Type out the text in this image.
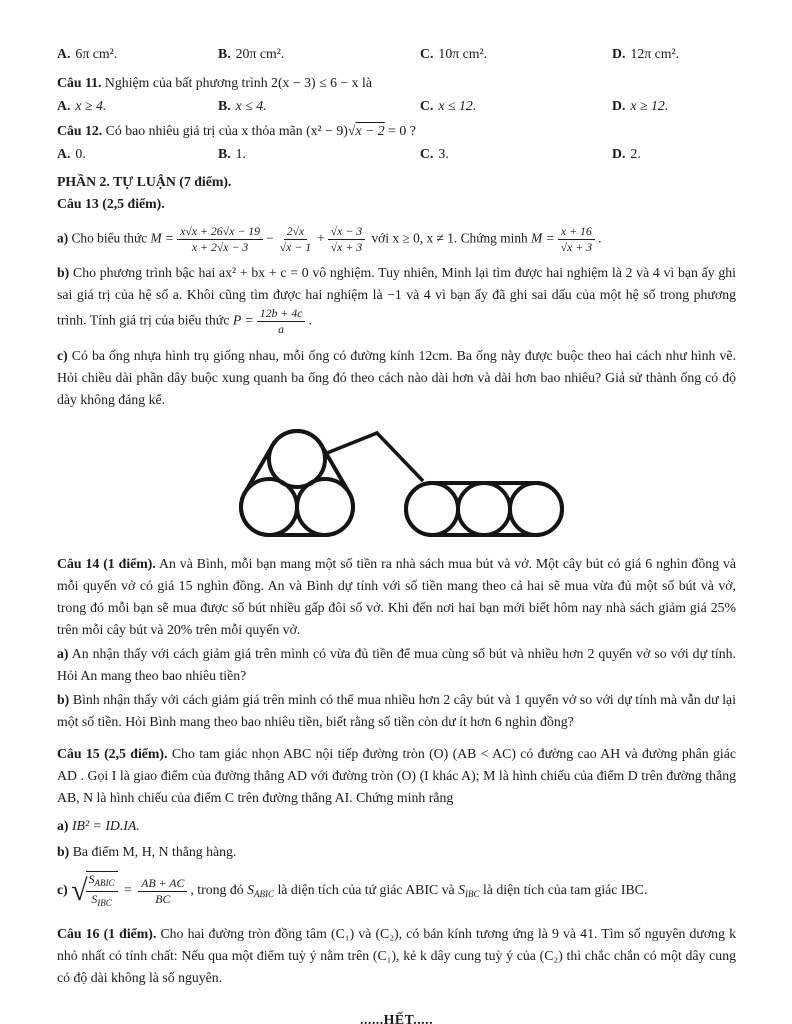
A. 6π cm².	B. 20π cm².	C. 10π cm².	D. 12π cm².

Câu 11. Nghiệm của bất phương trình 2(x − 3) ≤ 6 − x là

A. x ≥ 4.	B. x ≤ 4.	C. x ≤ 12.	D. x ≥ 12.

Câu 12. Có bao nhiêu giá trị của x thỏa mãn (x² − 9)√x − 2 = 0 ?

A. 0.	B. 1.	C. 3.	D. 2.

PHẦN 2. TỰ LUẬN (7 điểm).

Câu 13 (2,5 điểm).

a) Cho biểu thức $M = \frac{x√x + 26√x - 19}{x + 2√x - 3} - \frac{2√x}{√x - 1} + \frac{√x - 3}{√x + 3}$ với x ≥ 0, x ≠ 1. Chứng minh $M = \frac{x + 16}{√x + 3}$ .

b) Cho phương trình bậc hai ax² + bx + c = 0 vô nghiệm. Tuy nhiên, Minh lại tìm được hai nghiệm là 2 và 4 vì bạn ấy ghi sai giá trị của hệ số a. Khôi cũng tìm được hai nghiệm là −1 và 4 vì bạn ấy đã ghi sai dấu của một hệ số trong phương trình. Tính giá trị của biểu thức $P = \frac{12b + 4c}{a}$ .

c) Có ba ống nhựa hình trụ giống nhau, mỗi ống có đường kính 12cm. Ba ống này được buộc theo hai cách như hình vẽ. Hỏi chiều dài phần dây buộc xung quanh ba ống đó theo cách nào dài hơn và dài hơn bao nhiêu? Giả sử thành ống có độ dày không đáng kể.

Câu 14 (1 điểm). An và Bình, mỗi bạn mang một số tiền ra nhà sách mua bút và vở. Một cây bút có giá 6 nghìn đồng và mỗi quyển vở có giá 15 nghìn đồng. An và Bình dự tính với số tiền mang theo cả hai sẽ mua vừa đủ một số bút và vở, trong đó mỗi bạn sẽ mua được số bút nhiều gấp đôi số vở. Khi đến nơi hai bạn mới biết hôm nay nhà sách giảm giá 25% trên mỗi cây bút và 20% trên mỗi quyển vở.

a) An nhận thấy với cách giảm giá trên mình có vừa đủ tiền để mua cùng số bút và nhiều hơn 2 quyển vở so với dự tính. Hỏi An mang theo bao nhiêu tiền?

b) Bình nhận thấy với cách giảm giá trên mình có thể mua nhiều hơn 2 cây bút và 1 quyển vở so với dự tính mà vẫn dư lại một số tiền. Hỏi Bình mang theo bao nhiêu tiền, biết rằng số tiền còn dư ít hơn 6 nghìn đồng?

Câu 15 (2,5 điểm). Cho tam giác nhọn ABC nội tiếp đường tròn (O) (AB < AC) có đường cao AH và đường phân giác AD . Gọi I là giao điểm của đường thẳng AD với đường tròn (O) (I khác A); M là hình chiếu của điểm D trên đường thẳng AB, N là hình chiếu của điểm C trên đường thẳng AI. Chứng minh rằng

a) IB² = ID.IA.

b) Ba điểm M, H, N thẳng hàng.

c) √
$\frac{S_{ABIC}}{S_{IBC}} = \frac{AB + AC}{BC}$ , trong đó $S_{ABIC}$ là diện tích của tứ giác ABIC và $S_{IBC}$ là diện tích của tam giác IBC.

Câu 16 (1 điểm). Cho hai đường tròn đồng tâm (C₁) và (C₂), có bán kính tương ứng là 9 và 41. Tìm số nguyên dương k nhỏ nhất có tính chất: Nếu qua một điểm tuỳ ý nằm trên (C₁), kẻ k dây cung tuỳ ý của (C₂) thì chắc chắn có một dây cung có độ dài không là số nguyên.

......HẾT.....
